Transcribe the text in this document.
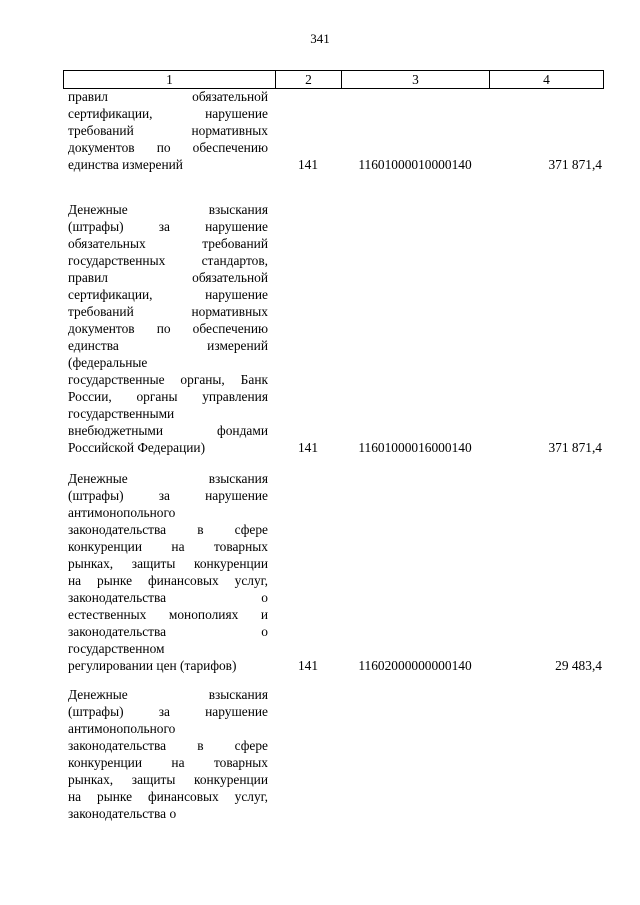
341
1	2	3	4
правил обязательной
сертификации, нарушение
требований нормативных
документов по обеспечению
единства измерений	141	11601000010000140	371 871,4
Денежные взыскания
(штрафы) за нарушение
обязательных требований
государственных стандартов,
правил обязательной
сертификации, нарушение
требований нормативных
документов по обеспечению
единства измерений
(федеральные
государственные органы, Банк
России, органы управления
государственными
внебюджетными фондами
Российской Федерации)	141	11601000016000140	371 871,4
Денежные взыскания
(штрафы) за нарушение
антимонопольного
законодательства в сфере
конкуренции на товарных
рынках, защиты конкуренции
на рынке финансовых услуг,
законодательства о
естественных монополиях и
законодательства о
государственном
регулировании цен (тарифов)	141	11602000000000140	29 483,4
Денежные взыскания
(штрафы) за нарушение
антимонопольного
законодательства в сфере
конкуренции на товарных
рынках, защиты конкуренции
на рынке финансовых услуг,
законодательства о
